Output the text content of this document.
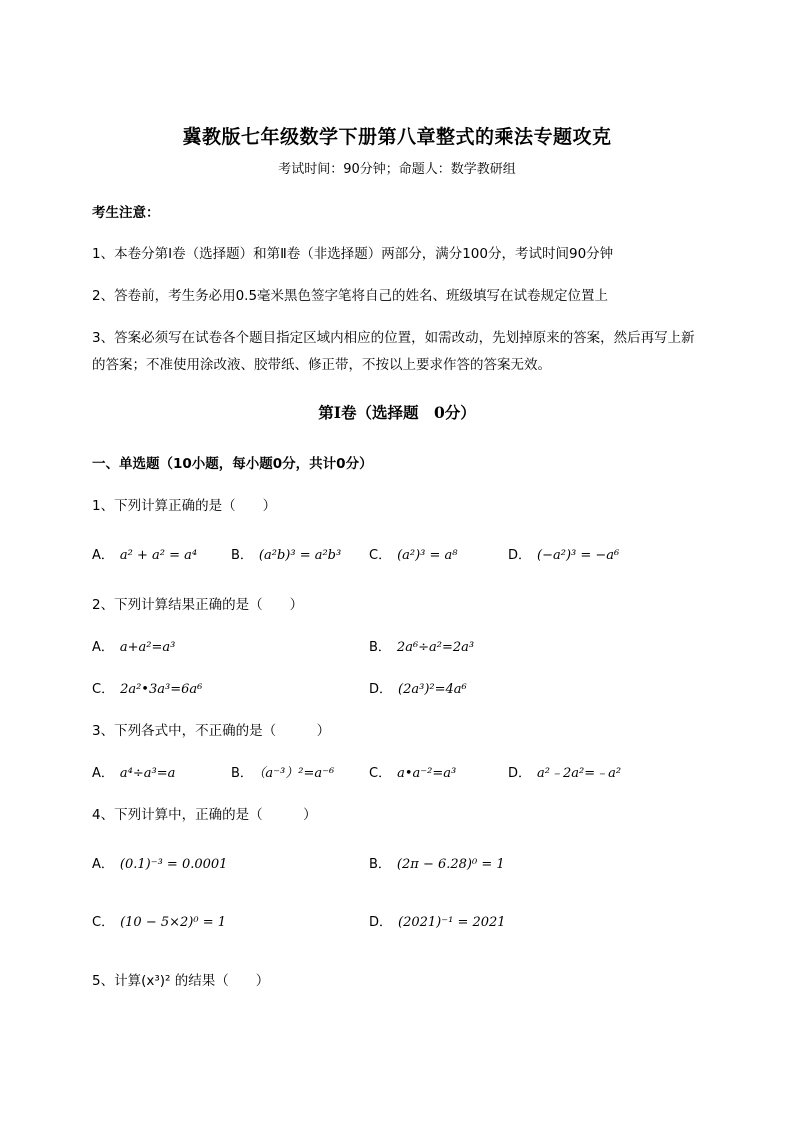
冀教版七年级数学下册第八章整式的乘法专题攻克
考试时间：90分钟；命题人：数学教研组
考生注意：
1、本卷分第I卷（选择题）和第Ⅱ卷（非选择题）两部分，满分100分，考试时间90分钟
2、答卷前，考生务必用0.5毫米黑色签字笔将自己的姓名、班级填写在试卷规定位置上
3、答案必须写在试卷各个题目指定区域内相应的位置，如需改动，先划掉原来的答案，然后再写上新
的答案；不准使用涂改液、胶带纸、修正带，不按以上要求作答的答案无效。
第I卷（选择题　0分）
一、单选题（10小题，每小题0分，共计0分）
1、下列计算正确的是（　　）
A． a² + a² = a⁴	B． (a²b)³ = a²b³ C． (a²)³ = a⁸	D． (−a²)³ = −a⁶
2、下列计算结果正确的是（　　）
A． a+a²=a³	B． 2a⁶÷a²=2a³
C． 2a²•3a³=6a⁶	D． (2a³)²=4a⁶
3、下列各式中，不正确的是（　　　）
A． a⁴÷a³=a	B． （a⁻³）²=a⁻⁶	C． a•a⁻²=a³	D． a²﹣2a²=﹣a²
4、下列计算中，正确的是（　　　）
A． (0.1)⁻³ = 0.0001	B． (2π − 6.28)⁰ = 1
C． (10 − 5×2)⁰ = 1	D． (2021)⁻¹ = 2021
5、计算(x³)² 的结果（　　）
